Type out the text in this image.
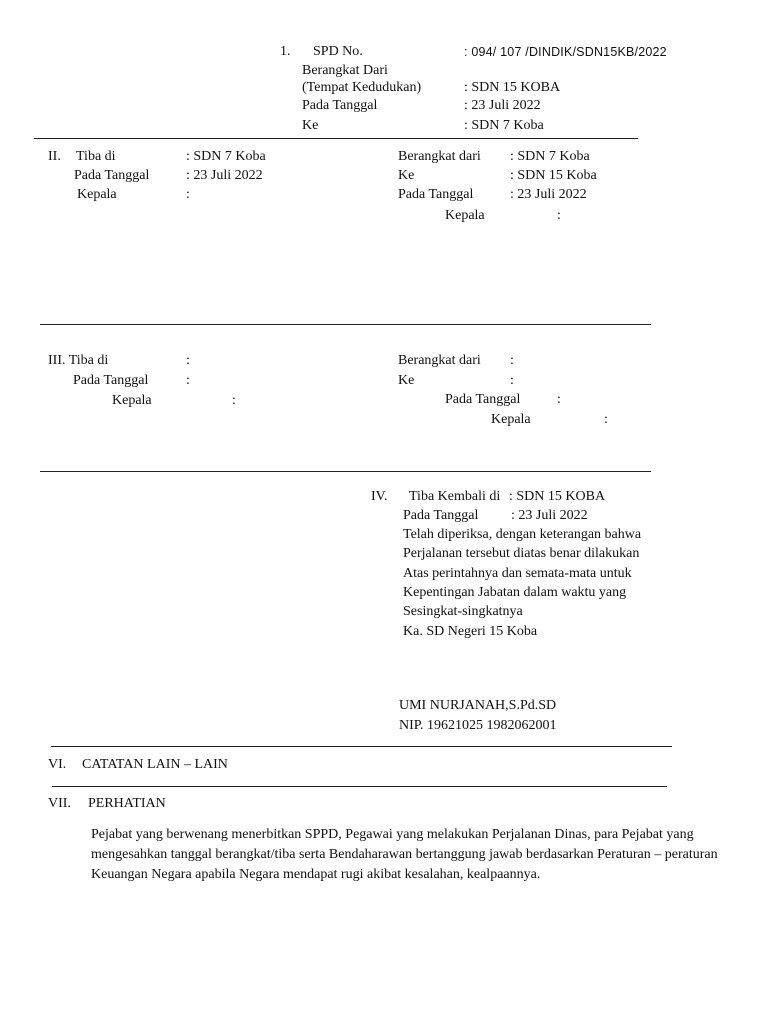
1. SPD No.	: 094/ 107 /DINDIK/SDN15KB/2022
Berangkat Dari
(Tempat Kedudukan)	: SDN 15 KOBA
Pada Tanggal	: 23 Juli 2022
Ke	: SDN 7 Koba
II. Tiba di	: SDN 7 Koba
Pada Tanggal	: 23 Juli 2022
Kepala	:
Berangkat dari : SDN 7 Koba
Ke	: SDN 15 Koba
Pada Tanggal	: 23 Juli 2022
Kepala	:
III. Tiba di	:
Pada Tanggal	:
Kepala	:
Berangkat dari :
Ke	:
Pada Tanggal	:
Kepala	:
IV. Tiba Kembali di : SDN 15 KOBA
Pada Tanggal : 23 Juli 2022
Telah diperiksa, dengan keterangan bahwa
Perjalanan tersebut diatas benar dilakukan
Atas perintahnya dan semata-mata untuk
Kepentingan Jabatan dalam waktu yang
Sesingkat-singkatnya
Ka. SD Negeri 15 Koba
UMI NURJANAH,S.Pd.SD
NIP. 19621025 1982062001
VI. CATATAN LAIN – LAIN
VII. PERHATIAN
Pejabat yang berwenang menerbitkan SPPD, Pegawai yang melakukan Perjalanan Dinas, para Pejabat yang mengesahkan tanggal berangkat/tiba serta Bendaharawan bertanggung jawab berdasarkan Peraturan – peraturan Keuangan Negara apabila Negara mendapat rugi akibat kesalahan, kealpaannya.
